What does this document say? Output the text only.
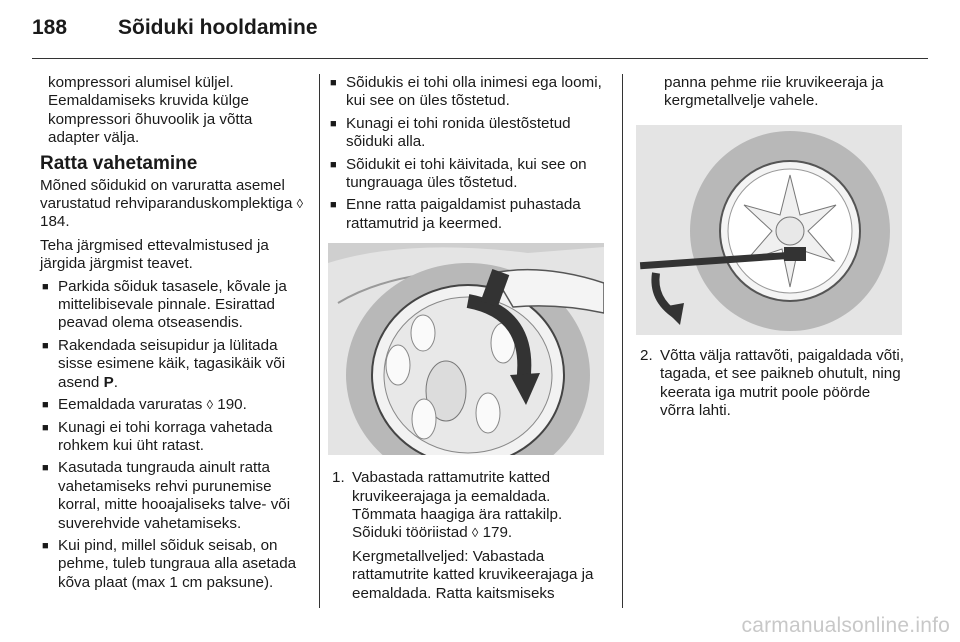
188 Sõiduki hooldamine

kompressori alumisel küljel.

Eemaldamiseks kruvida külge

kompressori õhuvoolik ja võtta

adapter välja.

Ratta vahetamine

Mõned sõidukid on varuratta asemel varustatud rehviparanduskomplektiga ◊ 184.

Teha järgmised ettevalmistused ja järgida järgmist teavet.

■ Parkida sõiduk tasasele, kõvale ja mittelibisevale pinnale. Esirattad peavad olema otseasendis.
■ Rakendada seisupidur ja lülitada sisse esimene käik, tagasikäik või asend P.
■ Eemaldada varuratas ◊ 190.
■ Kunagi ei tohi korraga vahetada rohkem kui üht ratast.
■ Kasutada tungrauda ainult ratta vahetamiseks rehvi purunemise korral, mitte hooajaliseks talve- või suverehvide vahetamiseks.
■ Kui pind, millel sõiduk seisab, on pehme, tuleb tungraua alla asetada kõva plaat (max 1 cm paksune).
■ Sõidukis ei tohi olla inimesi ega loomi, kui see on üles tõstetud.
■ Kunagi ei tohi ronida ülestõstetud sõiduki alla.
■ Sõidukit ei tohi käivitada, kui see on tungrauaga üles tõstetud.
■ Enne ratta paigaldamist puhastada rattamutrid ja keermed.
1. Vabastada rattamutrite katted kruvikeerajaga ja eemaldada. Tõmmata haagiga ära rattakilp. Sõiduki tööriistad ◊ 179.

Kergmetallveljed: Vabastada rattamutrite katted kruvikeerajaga ja eemaldada. Ratta kaitsmiseks

panna pehme riie kruvikeeraja ja kergmetallvelje vahele.

2. Võtta välja rattavõti, paigaldada võti, tagada, et see paikneb ohutult, ning keerata iga mutrit poole pöörde võrra lahti.

carmanualsonline.info
